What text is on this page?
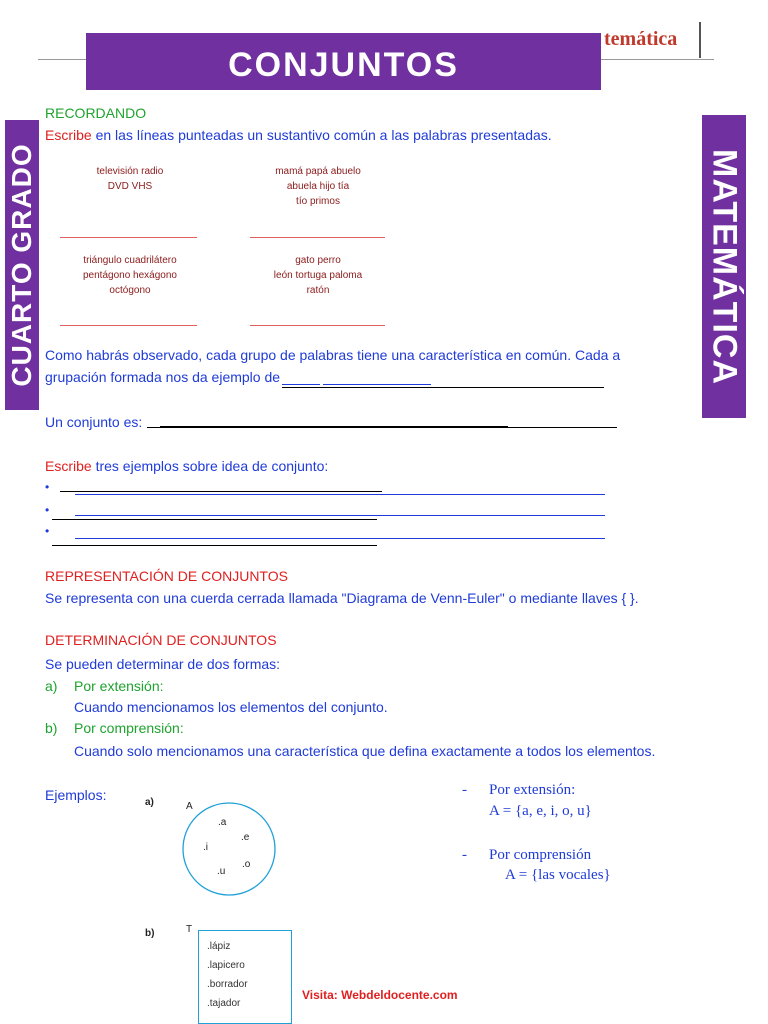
temática
CONJUNTOS
CUARTO GRADO	MATEMÁTICA
RECORDANDO
Escribe en las líneas punteadas un sustantivo común a las palabras presentadas.
televisión radio
DVD VHS
mamá papá abuelo
abuela hijo tía
tío primos
triángulo cuadrilátero
pentágono hexágono
octógono
gato perro
león tortuga paloma
ratón
Como habrás observado, cada grupo de palabras tiene una característica en común. Cada a
grupación formada nos da ejemplo de
Un conjunto es:
Escribe tres ejemplos sobre idea de conjunto:
•
•
•
REPRESENTACIÓN DE CONJUNTOS
Se representa con una cuerda cerrada llamada "Diagrama de Venn-Euler" o mediante llaves { }.
DETERMINACIÓN DE CONJUNTOS
Se pueden determinar de dos formas:
a) Por extensión:
Cuando mencionamos los elementos del conjunto.
b) Por comprensión:
Cuando solo mencionamos una característica que defina exactamente a todos los elementos.
Ejemplos:	a)	A
.a
.e
.i
.o
.u
- Por extensión:
A = {a, e, i, o, u}
- Por comprensión
A = {las vocales}
b)	T
.lápiz
.lapicero
.borrador
.tajador
Visita: Webdeldocente.com
